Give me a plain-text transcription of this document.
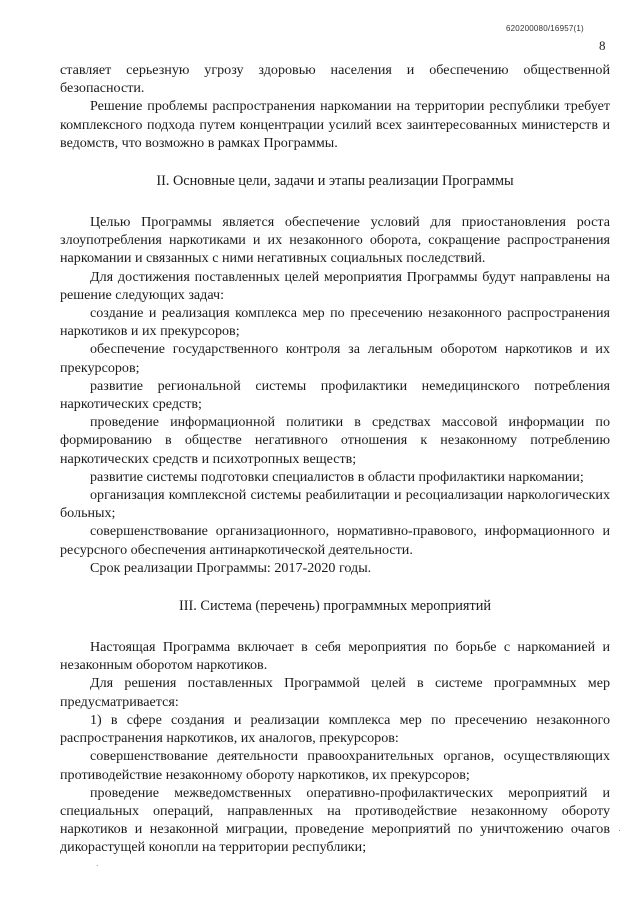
620200080/16957(1)
8

ставляет серьезную угрозу здоровью населения и обеспечению общественной безопасности.

Решение проблемы распространения наркомании на территории республики требует комплексного подхода путем концентрации усилий всех заинтересованных министерств и ведомств, что возможно в рамках Программы.

II. Основные цели, задачи и этапы реализации Программы

Целью Программы является обеспечение условий для приостановления роста злоупотребления наркотиками и их незаконного оборота, сокращение распространения наркомании и связанных с ними негативных социальных последствий.

Для достижения поставленных целей мероприятия Программы будут направлены на решение следующих задач:

создание и реализация комплекса мер по пресечению незаконного распространения наркотиков и их прекурсоров;

обеспечение государственного контроля за легальным оборотом наркотиков и их прекурсоров;

развитие региональной системы профилактики немедицинского потребления наркотических средств;

проведение информационной политики в средствах массовой информации по формированию в обществе негативного отношения к незаконному потреблению наркотических средств и психотропных веществ;

развитие системы подготовки специалистов в области профилактики наркомании;

организация комплексной системы реабилитации и ресоциализации наркологических больных;

совершенствование организационного, нормативно-правового, информационного и ресурсного обеспечения антинаркотической деятельности.

Срок реализации Программы: 2017-2020 годы.

III. Система (перечень) программных мероприятий

Настоящая Программа включает в себя мероприятия по борьбе с наркоманией и незаконным оборотом наркотиков.

Для решения поставленных Программой целей в системе программных мер предусматривается:

1) в сфере создания и реализации комплекса мер по пресечению незаконного распространения наркотиков, их аналогов, прекурсоров:

совершенствование деятельности правоохранительных органов, осуществляющих противодействие незаконному обороту наркотиков, их прекурсоров;

проведение межведомственных оперативно-профилактических мероприятий и специальных операций, направленных на противодействие незаконному обороту наркотиков и незаконной миграции, проведение мероприятий по уничтожению очагов дикорастущей конопли на территории республики;

.
·
